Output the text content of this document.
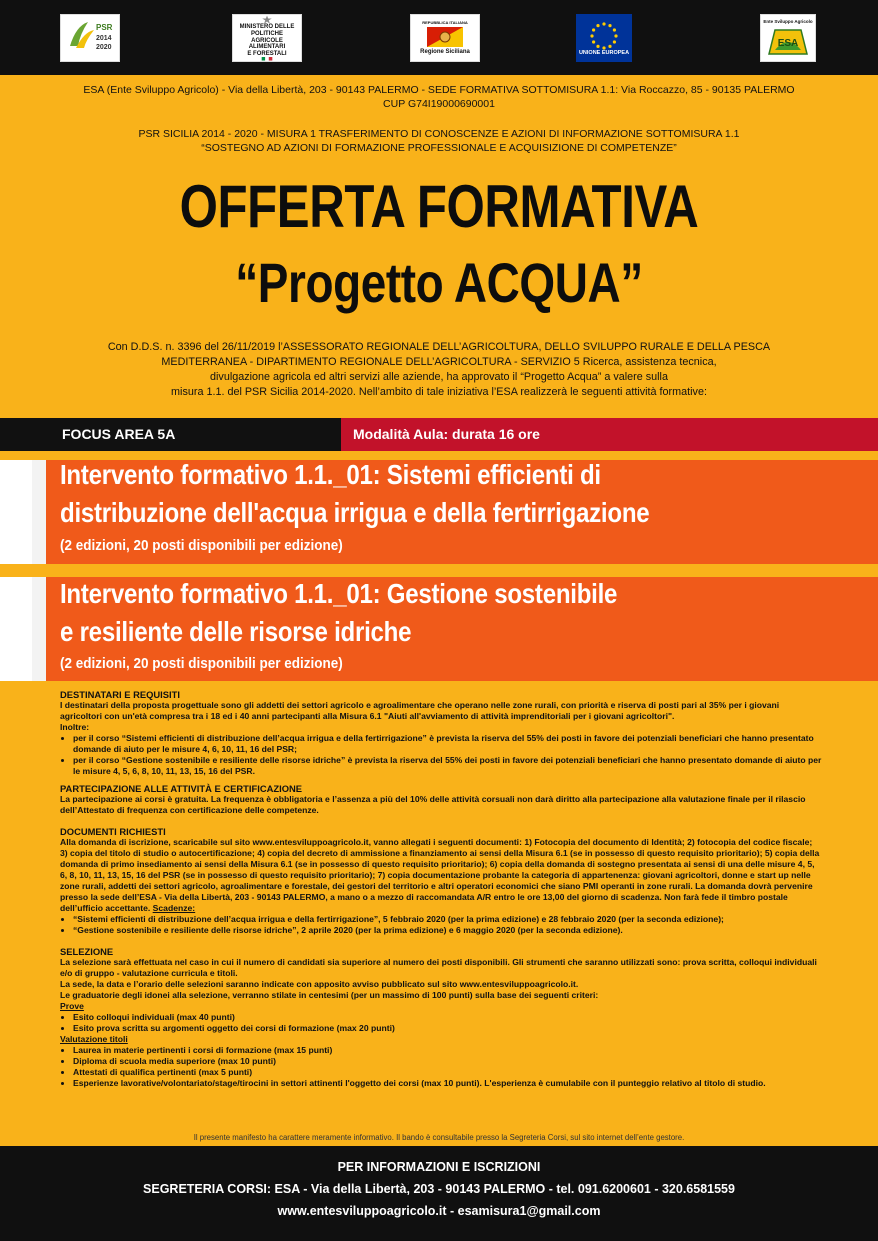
PSR
2014
2020
MINISTERO DELLE POLITICHE
AGRICOLE ALIMENTARI
E FORESTALI
REPUBBLICA ITALIANA
Regione Siciliana	UNIONE EUROPEA
Ente Sviluppo Agricolo
ESA
ESA (Ente Sviluppo Agricolo) - Via della Libertà, 203 - 90143 PALERMO - SEDE FORMATIVA SOTTOMISURA 1.1: Via Roccazzo, 85 - 90135 PALERMO
CUP G74I19000690001
PSR SICILIA 2014 - 2020 - MISURA 1 TRASFERIMENTO DI CONOSCENZE E AZIONI DI INFORMAZIONE SOTTOMISURA 1.1
“SOSTEGNO AD AZIONI DI FORMAZIONE PROFESSIONALE E ACQUISIZIONE DI COMPETENZE”
OFFERTA FORMATIVA
“Progetto ACQUA”
Con D.D.S. n. 3396 del 26/11/2019 l’ASSESSORATO REGIONALE DELL’AGRICOLTURA, DELLO SVILUPPO RURALE E DELLA PESCA
MEDITERRANEA - DIPARTIMENTO REGIONALE DELL’AGRICOLTURA - SERVIZIO 5 Ricerca, assistenza tecnica,
divulgazione agricola ed altri servizi alle aziende, ha approvato il “Progetto Acqua” a valere sulla
misura 1.1. del PSR Sicilia 2014-2020. Nell’ambito di tale iniziativa l’ESA realizzerà le seguenti attività formative:
FOCUS AREA 5A	Modalità Aula: durata 16 ore
Intervento formativo 1.1._01: Sistemi efficienti di
distribuzione dell'acqua irrigua e della fertirrigazione
(2 edizioni, 20 posti disponibili per edizione)
Intervento formativo 1.1._01: Gestione sostenibile
e resiliente delle risorse idriche
(2 edizioni, 20 posti disponibili per edizione)
DESTINATARI E REQUISITI
I destinatari della proposta progettuale sono gli addetti dei settori agricolo e agroalimentare che operano nelle zone rurali, con priorità e riserva di posti pari al 35% per i giovani agricoltori con un'età compresa tra i 18 ed i 40 anni partecipanti alla Misura 6.1 "Aiuti all'avviamento di attività imprenditoriali per i giovani agricoltori".
Inoltre:
• per il corso “Sistemi efficienti di distribuzione dell’acqua irrigua e della fertirrigazione” è prevista la riserva del 55% dei posti in favore dei potenziali beneficiari che hanno presentato domande di aiuto per le misure 4, 6, 10, 11, 16 del PSR;
• per il corso “Gestione sostenibile e resiliente delle risorse idriche” è prevista la riserva del 55% dei posti in favore dei potenziali beneficiari che hanno presentato domande di aiuto per le misure 4, 5, 6, 8, 10, 11, 13, 15, 16 del PSR.
PARTECIPAZIONE ALLE ATTIVITÀ E CERTIFICAZIONE
La partecipazione ai corsi è gratuita. La frequenza è obbligatoria e l’assenza a più del 10% delle attività corsuali non darà diritto alla partecipazione alla valutazione finale per il rilascio dell’Attestato di frequenza con certificazione delle competenze.
DOCUMENTI RICHIESTI
Alla domanda di iscrizione, scaricabile sul sito www.entesviluppoagricolo.it, vanno allegati i seguenti documenti: 1) Fotocopia del documento di Identità; 2) fotocopia del codice fiscale; 3) copia del titolo di studio o autocertificazione; 4) copia del decreto di ammissione a finanziamento ai sensi della Misura 6.1 (se in possesso di questo requisito prioritario); 5) copia della domanda di primo insediamento ai sensi della Misura 6.1 (se in possesso di questo requisito prioritario); 6) copia della domanda di sostegno presentata ai sensi di una delle misure 4, 5, 6, 8, 10, 11, 13, 15, 16 del PSR (se in possesso di questo requisito prioritario); 7) copia documentazione probante la categoria di appartenenza: giovani agricoltori, donne e start up nelle zone rurali, addetti dei settori agricolo, agroalimentare e forestale, dei gestori del territorio e altri operatori economici che siano PMI operanti in zone rurali. La domanda dovrà pervenire presso la sede dell’ESA - Via della Libertà, 203 - 90143 PALERMO, a mano o a mezzo di raccomandata A/R entro le ore 13,00 del giorno di scadenza. Non farà fede il timbro postale dell’ufficio accettante. Scadenze:
• “Sistemi efficienti di distribuzione dell’acqua irrigua e della fertirrigazione”, 5 febbraio 2020 (per la prima edizione) e 28 febbraio 2020 (per la seconda edizione);
• “Gestione sostenibile e resiliente delle risorse idriche”, 2 aprile 2020 (per la prima edizione) e 6 maggio 2020 (per la seconda edizione).
SELEZIONE
La selezione sarà effettuata nel caso in cui il numero di candidati sia superiore al numero dei posti disponibili. Gli strumenti che saranno utilizzati sono: prova scritta, colloqui individuali e/o di gruppo - valutazione curricula e titoli.
La sede, la data e l’orario delle selezioni saranno indicate con apposito avviso pubblicato sul sito www.entesviluppoagricolo.it.
Le graduatorie degli idonei alla selezione, verranno stilate in centesimi (per un massimo di 100 punti) sulla base dei seguenti criteri:
Prove
• Esito colloqui individuali (max 40 punti)
• Esito prova scritta su argomenti oggetto dei corsi di formazione (max 20 punti)
Valutazione titoli
• Laurea in materie pertinenti i corsi di formazione (max 15 punti)
• Diploma di scuola media superiore (max 10 punti)
• Attestati di qualifica pertinenti (max 5 punti)
• Esperienze lavorative/volontariato/stage/tirocini in settori attinenti l'oggetto dei corsi (max 10 punti). L'esperienza è cumulabile con il punteggio relativo al titolo di studio.
Il presente manifesto ha carattere meramente informativo. Il bando è consultabile presso la Segreteria Corsi, sul sito internet dell’ente gestore.
PER INFORMAZIONI E ISCRIZIONI
SEGRETERIA CORSI: ESA - Via della Libertà, 203 - 90143 PALERMO - tel. 091.6200601 - 320.6581559
www.entesviluppoagricolo.it - esamisura1@gmail.com
